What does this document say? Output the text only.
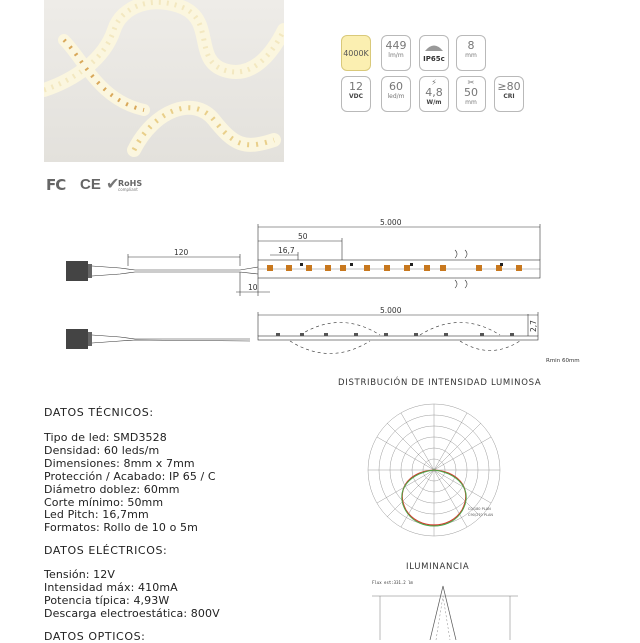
4000K
449
lm/m	IP65c
8
mm
12
VDC
60
led/m
⚡
4,8
W/m
✂
50
mm
≥80
CRI
FC CE ✔
RoHS
compliant
5.000
50
16,7
120
10
5.000
2,7
Rmin 60mm
DISTRIBUCIÓN DE INTENSIDAD LUMINOSA
C0/180 PLAN
C90/270 PLAN
ILUMINANCIA
Flux est:331.2 lm
DATOS TÉCNICOS:
Tipo de led: SMD3528
Densidad: 60 leds/m
Dimensiones: 8mm x 7mm
Protección / Acabado: IP 65 / C
Diámetro doblez: 60mm
Corte mínimo: 50mm
Led Pitch: 16,7mm
Formatos: Rollo de 10 o 5m
DATOS ELÉCTRICOS:
Tensión: 12V
Intensidad máx: 410mA
Potencia típica: 4,93W
Descarga electroestática: 800V
DATOS OPTICOS:
